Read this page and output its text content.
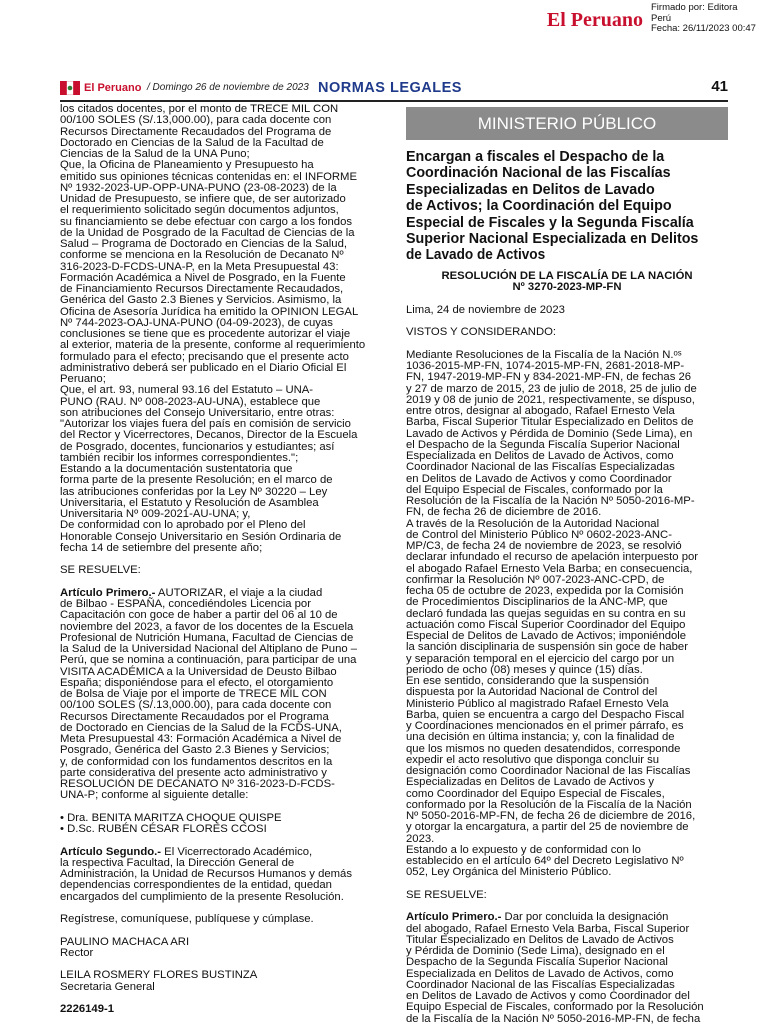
El Peruano
Firmado por: Editora
Perú
Fecha: 26/11/2023 00:47
El Peruano / Domingo 26 de noviembre de 2023 NORMAS LEGALES	41
los citados docentes, por el monto de TRECE MIL CON
00/100 SOLES (S/.13,000.00), para cada docente con
Recursos Directamente Recaudados del Programa de
Doctorado en Ciencias de la Salud de la Facultad de
Ciencias de la Salud de la UNA Puno;
Que, la Oficina de Planeamiento y Presupuesto ha
emitido sus opiniones técnicas contenidas en: el INFORME
Nº 1932-2023-UP-OPP-UNA-PUNO (23-08-2023) de la
Unidad de Presupuesto, se infiere que, de ser autorizado
el requerimiento solicitado según documentos adjuntos,
su financiamiento se debe efectuar con cargo a los fondos
de la Unidad de Posgrado de la Facultad de Ciencias de la
Salud – Programa de Doctorado en Ciencias de la Salud,
conforme se menciona en la Resolución de Decanato Nº
316-2023-D-FCDS-UNA-P, en la Meta Presupuestal 43:
Formación Académica a Nivel de Posgrado, en la Fuente
de Financiamiento Recursos Directamente Recaudados,
Genérica del Gasto 2.3 Bienes y Servicios. Asimismo, la
Oficina de Asesoría Jurídica ha emitido la OPINION LEGAL
Nº 744-2023-OAJ-UNA-PUNO (04-09-2023), de cuyas
conclusiones se tiene que es procedente autorizar el viaje
al exterior, materia de la presente, conforme al requerimiento
formulado para el efecto; precisando que el presente acto
administrativo deberá ser publicado en el Diario Oficial El
Peruano;
Que, el art. 93, numeral 93.16 del Estatuto – UNA-
PUNO (RAU. Nº 008-2023-AU-UNA), establece que
son atribuciones del Consejo Universitario, entre otras:
"Autorizar los viajes fuera del país en comisión de servicio
del Rector y Vicerrectores, Decanos, Director de la Escuela
de Posgrado, docentes, funcionarios y estudiantes; así
también recibir los informes correspondientes.";
Estando a la documentación sustentatoria que
forma parte de la presente Resolución; en el marco de
las atribuciones conferidas por la Ley Nº 30220 – Ley
Universitaria, el Estatuto y Resolución de Asamblea
Universitaria Nº 009-2021-AU-UNA; y,
De conformidad con lo aprobado por el Pleno del
Honorable Consejo Universitario en Sesión Ordinaria de
fecha 14 de setiembre del presente año;
SE RESUELVE:
Artículo Primero.- AUTORIZAR, el viaje a la ciudad
de Bilbao - ESPAÑA, concediéndoles Licencia por
Capacitación con goce de haber a partir del 06 al 10 de
noviembre del 2023, a favor de los docentes de la Escuela
Profesional de Nutrición Humana, Facultad de Ciencias de
la Salud de la Universidad Nacional del Altiplano de Puno –
Perú, que se nomina a continuación, para participar de una
VISITA ACADÉMICA a la Universidad de Deusto Bilbao
España; disponiéndose para el efecto, el otorgamiento
de Bolsa de Viaje por el importe de TRECE MIL CON
00/100 SOLES (S/.13,000.00), para cada docente con
Recursos Directamente Recaudados por el Programa
de Doctorado en Ciencias de la Salud de la FCDS-UNA,
Meta Presupuestal 43: Formación Académica a Nivel de
Posgrado, Genérica del Gasto 2.3 Bienes y Servicios;
y, de conformidad con los fundamentos descritos en la
parte considerativa del presente acto administrativo y
RESOLUCIÓN DE DECANATO Nº 316-2023-D-FCDS-
UNA-P; conforme al siguiente detalle:
• Dra. BENITA MARITZA CHOQUE QUISPE
• D.Sc. RUBÉN CÉSAR FLORES CCOSI
Artículo Segundo.- El Vicerrectorado Académico,
la respectiva Facultad, la Dirección General de
Administración, la Unidad de Recursos Humanos y demás
dependencias correspondientes de la entidad, quedan
encargados del cumplimiento de la presente Resolución.
Regístrese, comuníquese, publíquese y cúmplase.
PAULINO MACHACA ARI
Rector
LEILA ROSMERY FLORES BUSTINZA
Secretaria General
2226149-1
MINISTERIO PÚBLICO
Encargan a fiscales el Despacho de la
Coordinación Nacional de las Fiscalías
Especializadas en Delitos de Lavado
de Activos; la Coordinación del Equipo
Especial de Fiscales y la Segunda Fiscalía
Superior Nacional Especializada en Delitos
de Lavado de Activos
RESOLUCIÓN DE LA FISCALÍA DE LA NACIÓN
Nº 3270-2023-MP-FN
Lima, 24 de noviembre de 2023
VISTOS Y CONSIDERANDO:
Mediante Resoluciones de la Fiscalía de la Nación N.ᵒˢ
1036-2015-MP-FN, 1074-2015-MP-FN, 2681-2018-MP-
FN, 1947-2019-MP-FN y 834-2021-MP-FN, de fechas 26
y 27 de marzo de 2015, 23 de julio de 2018, 25 de julio de
2019 y 08 de junio de 2021, respectivamente, se dispuso,
entre otros, designar al abogado, Rafael Ernesto Vela
Barba, Fiscal Superior Titular Especializado en Delitos de
Lavado de Activos y Pérdida de Dominio (Sede Lima), en
el Despacho de la Segunda Fiscalía Superior Nacional
Especializada en Delitos de Lavado de Activos, como
Coordinador Nacional de las Fiscalías Especializadas
en Delitos de Lavado de Activos y como Coordinador
del Equipo Especial de Fiscales, conformado por la
Resolución de la Fiscalía de la Nación Nº 5050-2016-MP-
FN, de fecha 26 de diciembre de 2016.
A través de la Resolución de la Autoridad Nacional
de Control del Ministerio Público Nº 0602-2023-ANC-
MP/C3, de fecha 24 de noviembre de 2023, se resolvió
declarar infundado el recurso de apelación interpuesto por
el abogado Rafael Ernesto Vela Barba; en consecuencia,
confirmar la Resolución Nº 007-2023-ANC-CPD, de
fecha 05 de octubre de 2023, expedida por la Comisión
de Procedimientos Disciplinarios de la ANC-MP, que
declaró fundada las quejas seguidas en su contra en su
actuación como Fiscal Superior Coordinador del Equipo
Especial de Delitos de Lavado de Activos; imponiéndole
la sanción disciplinaria de suspensión sin goce de haber
y separación temporal en el ejercicio del cargo por un
periodo de ocho (08) meses y quince (15) días.
En ese sentido, considerando que la suspensión
dispuesta por la Autoridad Nacional de Control del
Ministerio Público al magistrado Rafael Ernesto Vela
Barba, quien se encuentra a cargo del Despacho Fiscal
y Coordinaciones mencionados en el primer párrafo, es
una decisión en última instancia; y, con la finalidad de
que los mismos no queden desatendidos, corresponde
expedir el acto resolutivo que disponga concluir su
designación como Coordinador Nacional de las Fiscalías
Especializadas en Delitos de Lavado de Activos y
como Coordinador del Equipo Especial de Fiscales,
conformado por la Resolución de la Fiscalía de la Nación
Nº 5050-2016-MP-FN, de fecha 26 de diciembre de 2016,
y otorgar la encargatura, a partir del 25 de noviembre de
2023.
Estando a lo expuesto y de conformidad con lo
establecido en el artículo 64º del Decreto Legislativo Nº
052, Ley Orgánica del Ministerio Público.
SE RESUELVE:
Artículo Primero.- Dar por concluida la designación
del abogado, Rafael Ernesto Vela Barba, Fiscal Superior
Titular Especializado en Delitos de Lavado de Activos
y Pérdida de Dominio (Sede Lima), designado en el
Despacho de la Segunda Fiscalía Superior Nacional
Especializada en Delitos de Lavado de Activos, como
Coordinador Nacional de las Fiscalías Especializadas
en Delitos de Lavado de Activos y como Coordinador del
Equipo Especial de Fiscales, conformado por la Resolución
de la Fiscalía de la Nación Nº 5050-2016-MP-FN, de fecha
